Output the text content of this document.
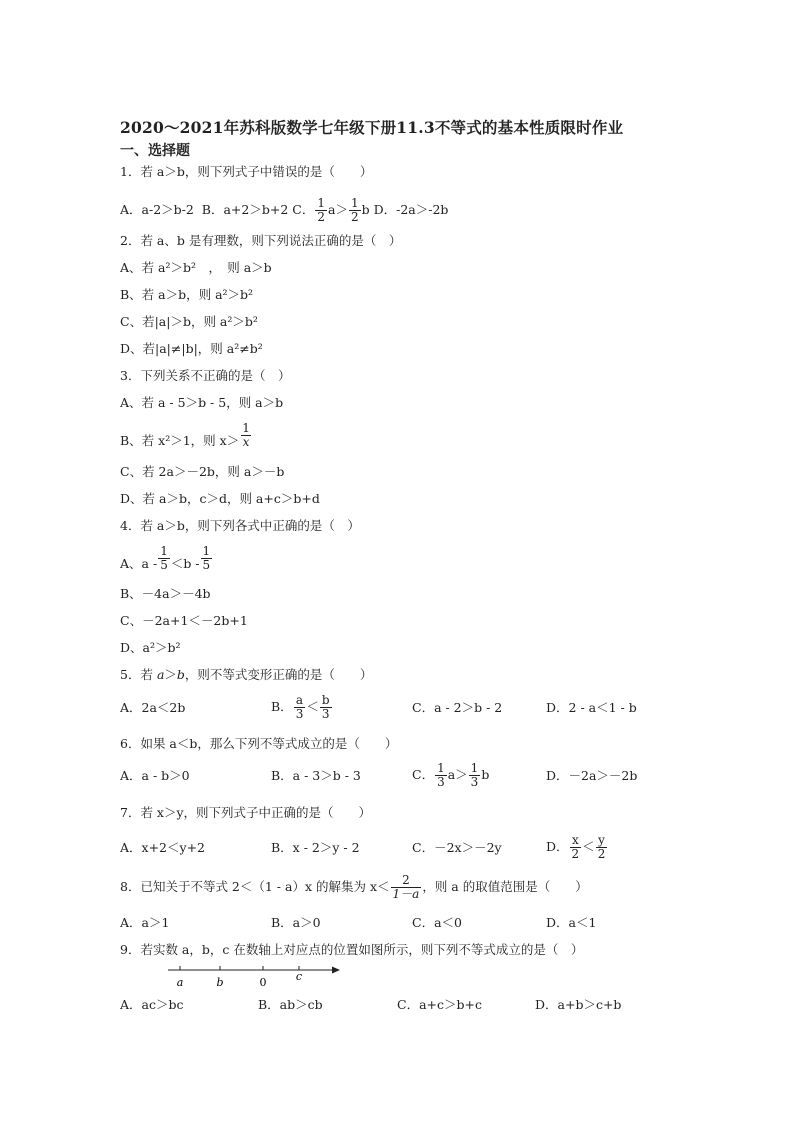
2020～2021年苏科版数学七年级下册11.3不等式的基本性质限时作业
一、选择题
1．若 a＞b，则下列式子中错误的是（　　）
A．a-2＞b-2 B．a+2＞b+2 C． $\frac{1}{2} a> \frac{1}{2}$ b D．-2a＞-2b
2．若 a、b 是有理数，则下列说法正确的是（　）
A、若 a²＞b²　，　则 a＞b
B、若 a＞b，则 a²＞b²
C、若|a|＞b，则 a²＞b²
D、若|a|≠|b|，则 a²≠b²
3．下列关系不正确的是（　）
A、若 a - 5＞b - 5，则 a＞b
B、若 x²＞1，则 $x> \frac{1}{x}$
C、若 2a＞－2b，则 a＞－b
D、若 a＞b，c＞d，则 a+c＞b+d
4．若 a＞b，则下列各式中正确的是（　）
A、$a - \frac{1}{5} <b - \frac{1}{5}$
B、－4a＞－4b
C、－2a+1＜－2b+1
D、a²＞b²
5．若 a＞b，则不等式变形正确的是（　　）
A．2a＜2b	B． $\frac{a}{3} < \frac{b}{3}$	C．a - 2＞b - 2	D．2 - a＜1 - b
6．如果 a＜b，那么下列不等式成立的是（　　）
A．a - b＞0	B．a - 3＞b - 3	C． $\frac{1}{3} a> \frac{1}{3}$ b	D．－2a＞－2b
7．若 x＞y，则下列式子中正确的是（　　）
A．x+2＜y+2	B．x - 2＞y - 2	C．－2x＞－2y	D． $\frac{x}{2} < \frac{y}{2}$
8．已知关于不等式 2＜（1 - a）x 的解集为 $x< \frac{2}{1-a}$ ，则 a 的取值范围是（　　）
A．a＞1	B．a＞0	C．a＜0	D．a＜1
9．若实数 a，b，c 在数轴上对应点的位置如图所示，则下列不等式成立的是（　）
a	b	0	c
A．ac＞bc	B．ab＞cb	C．a+c＞b+c	D．a+b＞c+b
